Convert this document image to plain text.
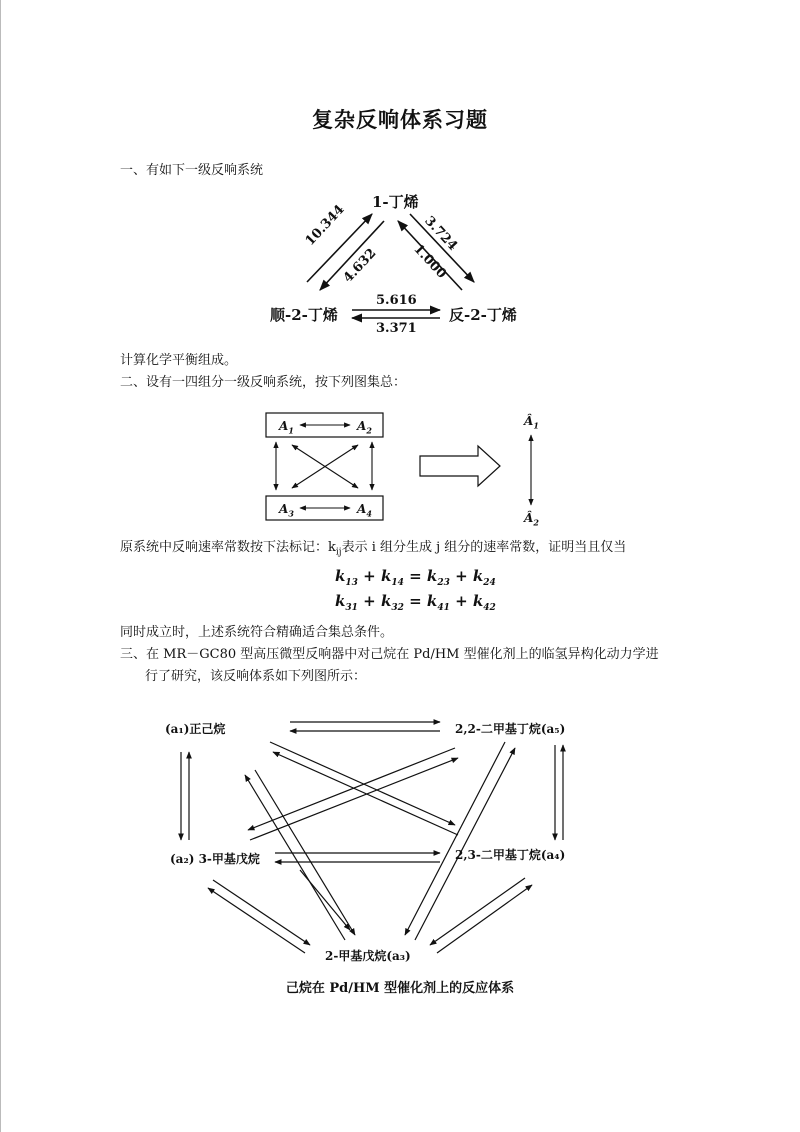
复杂反响体系习题
一、有如下一级反响系统
1-丁烯
顺-2-丁烯	反-2-丁烯
10.344
4.632
3.724
1.000
5.616
3.371
计算化学平衡组成。
二、设有一四组分一级反响系统，按下列图集总：
$A_1$	$A_2$
$A_3$	$A_4$
$Â_1$
$Â_2$
原系统中反响速率常数按下法标记：$k_{ij}$表示 i 组分生成 j 组分的速率常数，证明当且仅当
$k_{13} + k_{14} = k_{23} + k_{24}$
$k_{31} + k_{32} = k_{41} + k_{42}$
同时成立时，上述系统符合精确适合集总条件。
三、在 MR－GC80 型高压微型反响器中对己烷在 Pd/HM 型催化剂上的临氢异构化动力学进
行了研究，该反响体系如下列图所示：
(a₁)正己烷	2,2-二甲基丁烷(a₅)
(a₂) 3-甲基戊烷	2,3-二甲基丁烷(a₄)
2-甲基戊烷(a₃)
己烷在 Pd/HM 型催化剂上的反应体系
